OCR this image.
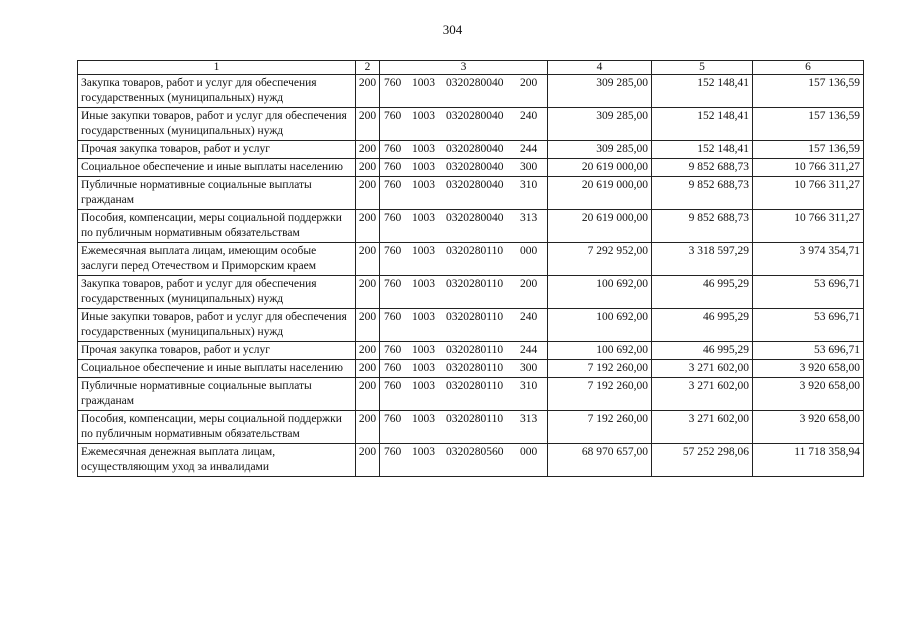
304
1	2	3	4	5	6
Закупка товаров, работ и услуг для обеспечения государственных (муниципальных) нужд	200	760 1003 0320280040 200	309 285,00	152 148,41	157 136,59
Иные закупки товаров, работ и услуг для обеспечения государственных (муниципальных) нужд	200	760 1003 0320280040 240	309 285,00	152 148,41	157 136,59
Прочая закупка товаров, работ и услуг	200	760 1003 0320280040 244	309 285,00	152 148,41	157 136,59
Социальное обеспечение и иные выплаты населению	200	760 1003 0320280040 300	20 619 000,00	9 852 688,73	10 766 311,27
Публичные нормативные социальные выплаты гражданам	200	760 1003 0320280040 310	20 619 000,00	9 852 688,73	10 766 311,27
Пособия, компенсации, меры социальной поддержки по публичным нормативным обязательствам	200	760 1003 0320280040 313	20 619 000,00	9 852 688,73	10 766 311,27
Ежемесячная выплата лицам, имеющим особые заслуги перед Отечеством и Приморским краем	200	760 1003 0320280110 000	7 292 952,00	3 318 597,29	3 974 354,71
Закупка товаров, работ и услуг для обеспечения государственных (муниципальных) нужд	200	760 1003 0320280110 200	100 692,00	46 995,29	53 696,71
Иные закупки товаров, работ и услуг для обеспечения государственных (муниципальных) нужд	200	760 1003 0320280110 240	100 692,00	46 995,29	53 696,71
Прочая закупка товаров, работ и услуг	200	760 1003 0320280110 244	100 692,00	46 995,29	53 696,71
Социальное обеспечение и иные выплаты населению	200	760 1003 0320280110 300	7 192 260,00	3 271 602,00	3 920 658,00
Публичные нормативные социальные выплаты гражданам	200	760 1003 0320280110 310	7 192 260,00	3 271 602,00	3 920 658,00
Пособия, компенсации, меры социальной поддержки по публичным нормативным обязательствам	200	760 1003 0320280110 313	7 192 260,00	3 271 602,00	3 920 658,00
Ежемесячная денежная выплата лицам, осуществляющим уход за инвалидами	200	760 1003 0320280560 000	68 970 657,00	57 252 298,06	11 718 358,94
